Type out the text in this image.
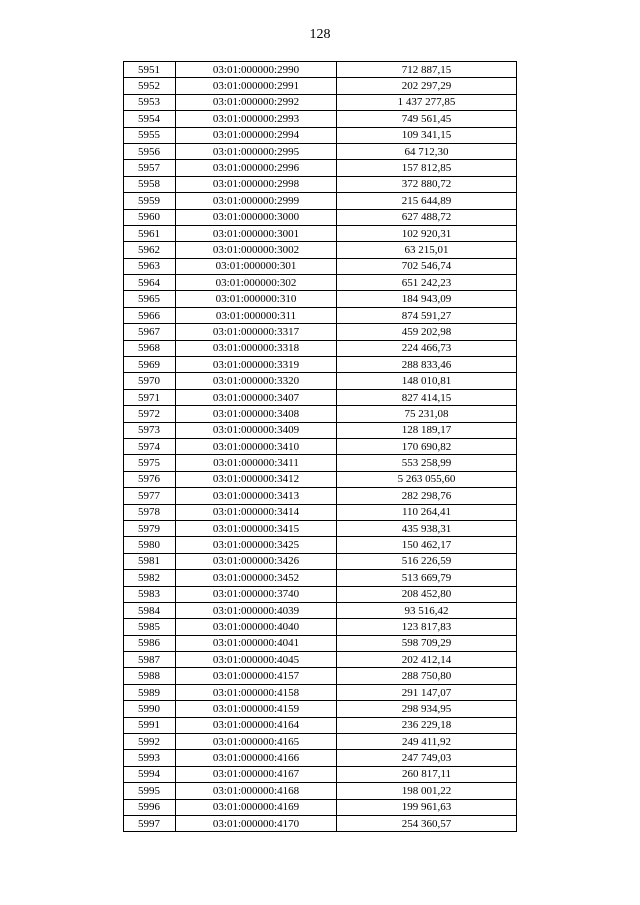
128
5951	03:01:000000:2990	712 887,15
5952	03:01:000000:2991	202 297,29
5953	03:01:000000:2992	1 437 277,85
5954	03:01:000000:2993	749 561,45
5955	03:01:000000:2994	109 341,15
5956	03:01:000000:2995	64 712,30
5957	03:01:000000:2996	157 812,85
5958	03:01:000000:2998	372 880,72
5959	03:01:000000:2999	215 644,89
5960	03:01:000000:3000	627 488,72
5961	03:01:000000:3001	102 920,31
5962	03:01:000000:3002	63 215,01
5963	03:01:000000:301	702 546,74
5964	03:01:000000:302	651 242,23
5965	03:01:000000:310	184 943,09
5966	03:01:000000:311	874 591,27
5967	03:01:000000:3317	459 202,98
5968	03:01:000000:3318	224 466,73
5969	03:01:000000:3319	288 833,46
5970	03:01:000000:3320	148 010,81
5971	03:01:000000:3407	827 414,15
5972	03:01:000000:3408	75 231,08
5973	03:01:000000:3409	128 189,17
5974	03:01:000000:3410	170 690,82
5975	03:01:000000:3411	553 258,99
5976	03:01:000000:3412	5 263 055,60
5977	03:01:000000:3413	282 298,76
5978	03:01:000000:3414	110 264,41
5979	03:01:000000:3415	435 938,31
5980	03:01:000000:3425	150 462,17
5981	03:01:000000:3426	516 226,59
5982	03:01:000000:3452	513 669,79
5983	03:01:000000:3740	208 452,80
5984	03:01:000000:4039	93 516,42
5985	03:01:000000:4040	123 817,83
5986	03:01:000000:4041	598 709,29
5987	03:01:000000:4045	202 412,14
5988	03:01:000000:4157	288 750,80
5989	03:01:000000:4158	291 147,07
5990	03:01:000000:4159	298 934,95
5991	03:01:000000:4164	236 229,18
5992	03:01:000000:4165	249 411,92
5993	03:01:000000:4166	247 749,03
5994	03:01:000000:4167	260 817,11
5995	03:01:000000:4168	198 001,22
5996	03:01:000000:4169	199 961,63
5997	03:01:000000:4170	254 360,57
